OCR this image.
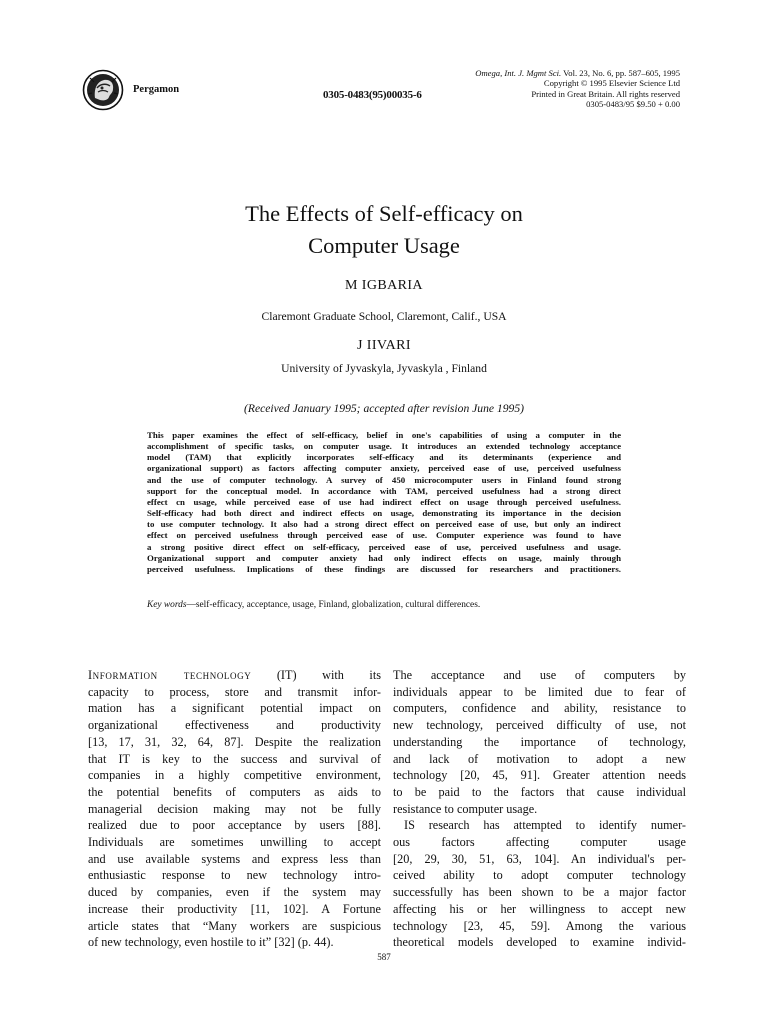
Pergamon	0305-0483(95)00035-6
Omega, Int. J. Mgmt Sci. Vol. 23, No. 6, pp. 587–605, 1995
Copyright © 1995 Elsevier Science Ltd
Printed in Great Britain. All rights reserved
0305-0483/95 $9.50 + 0.00
The Effects of Self-efficacy on
Computer Usage
M IGBARIA
Claremont Graduate School, Claremont, Calif., USA
J IIVARI
University of Jyvaskyla, Jyvaskyla , Finland
(Received January 1995; accepted after revision June 1995)
This paper examines the effect of self-efficacy, belief in one's capabilities of using a computer in the
accomplishment of specific tasks, on computer usage. It introduces an extended technology acceptance
model (TAM) that explicitly incorporates self-efficacy and its determinants (experience and
organizational support) as factors affecting computer anxiety, perceived ease of use, perceived usefulness
and the use of computer technology. A survey of 450 microcomputer users in Finland found strong
support for the conceptual model. In accordance with TAM, perceived usefulness had a strong direct
effect cn usage, while perceived ease of use had indirect effect on usage through perceived usefulness.
Self-efficacy had both direct and indirect effects on usage, demonstrating its importance in the decision
to use computer technology. It also had a strong direct effect on perceived ease of use, but only an indirect
effect on perceived usefulness through perceived ease of use. Computer experience was found to have
a strong positive direct effect on self-efficacy, perceived ease of use, perceived usefulness and usage.
Organizational support and computer anxiety had only indirect effects on usage, mainly through
perceived usefulness. Implications of these findings are discussed for researchers and practitioners.
Key words—self-efficacy, acceptance, usage, Finland, globalization, cultural differences.
Information technology (IT) with its
capacity to process, store and transmit infor-
mation has a significant potential impact on
organizational effectiveness and productivity
[13, 17, 31, 32, 64, 87]. Despite the realization
that IT is key to the success and survival of
companies in a highly competitive environment,
the potential benefits of computers as aids to
managerial decision making may not be fully
realized due to poor acceptance by users [88].
Individuals are sometimes unwilling to accept
and use available systems and express less than
enthusiastic response to new technology intro-
duced by companies, even if the system may
increase their productivity [11, 102]. A Fortune
article states that “Many workers are suspicious
of new technology, even hostile to it” [32] (p. 44).
The acceptance and use of computers by
individuals appear to be limited due to fear of
computers, confidence and ability, resistance to
new technology, perceived difficulty of use, not
understanding the importance of technology,
and lack of motivation to adopt a new
technology [20, 45, 91]. Greater attention needs
to be paid to the factors that cause individual
resistance to computer usage.
IS research has attempted to identify numer-
ous factors affecting computer usage
[20, 29, 30, 51, 63, 104]. An individual's per-
ceived ability to adopt computer technology
successfully has been shown to be a major factor
affecting his or her willingness to accept new
technology [23, 45, 59]. Among the various
theoretical models developed to examine individ-
587
